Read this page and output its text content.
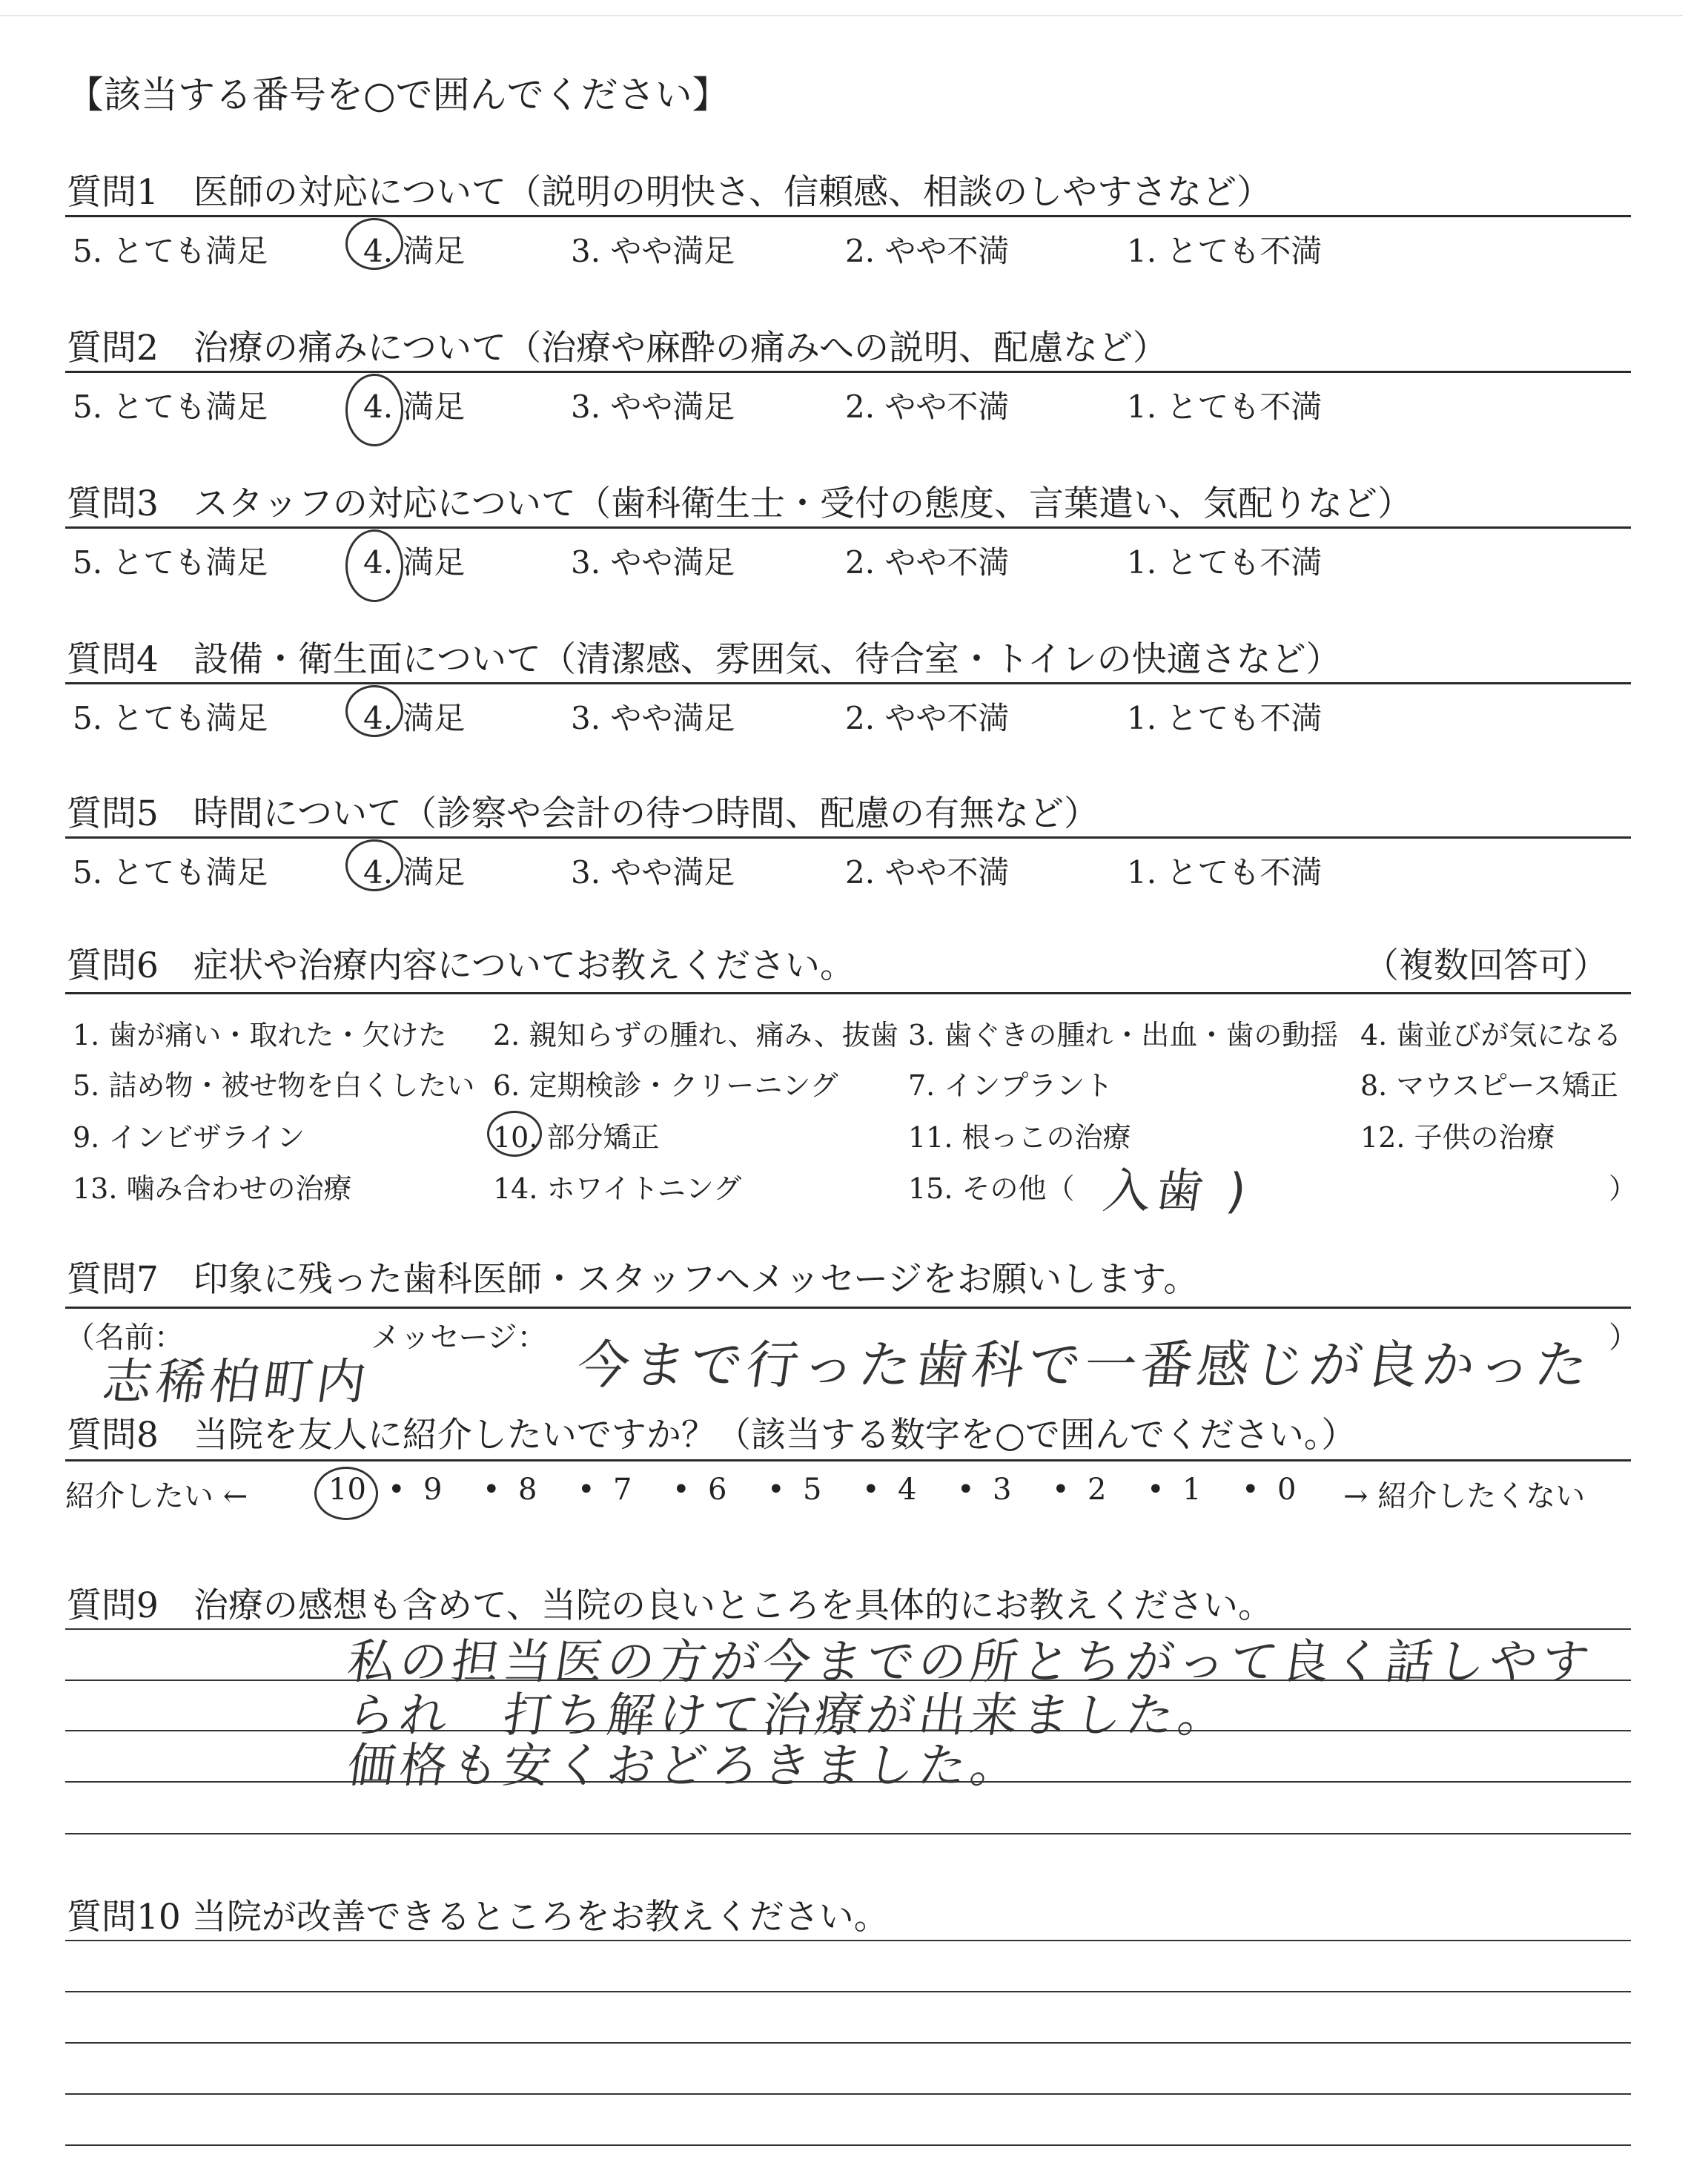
【該当する番号を○で囲んでください】
質問1　医師の対応について（説明の明快さ、信頼感、相談のしやすさなど）
5. とても満足	4. 満足	3. やや満足	2. やや不満	1. とても不満
質問2　治療の痛みについて（治療や麻酔の痛みへの説明、配慮など）
5. とても満足	4. 満足	3. やや満足	2. やや不満	1. とても不満
質問3　スタッフの対応について（歯科衛生士・受付の態度、言葉遣い、気配りなど）
5. とても満足	4. 満足	3. やや満足	2. やや不満	1. とても不満
質問4　設備・衛生面について（清潔感、雰囲気、待合室・トイレの快適さなど）
5. とても満足	4. 満足	3. やや満足	2. やや不満	1. とても不満
質問5　時間について（診察や会計の待つ時間、配慮の有無など）
5. とても満足	4. 満足	3. やや満足	2. やや不満	1. とても不満
質問6　症状や治療内容についてお教えください。	（複数回答可）
1. 歯が痛い・取れた・欠けた 2. 親知らずの腫れ、痛み、抜歯 3. 歯ぐきの腫れ・出血・歯の動揺 4. 歯並びが気になる
5. 詰め物・被せ物を白くしたい 6. 定期検診・クリーニング 7. インプラント	8. マウスピース矯正
9. インビザライン	10. 部分矯正	11. 根っこの治療	12. 子供の治療
13. 噛み合わせの治療	14. ホワイトニング	15. その他（	）
入歯 )
質問7　印象に残った歯科医師・スタッフへメッセージをお願いします。
（名前：	メッセージ：	）
志稀柏町内	今まで行った歯科で一番感じが良かった
質問8　当院を友人に紹介したいですか？（該当する数字を○で囲んでください。）
紹介したい ←	10 • 9 • 8 • 7 • 6 • 5 • 4 • 3 • 2 • 1 • 0 → 紹介したくない
質問9　治療の感想も含めて、当院の良いところを具体的にお教えください。
私の担当医の方が今までの所とちがって良く話しやす
られ　打ち解けて治療が出来ました。
価格も安くおどろきました。
質問10 当院が改善できるところをお教えください。
